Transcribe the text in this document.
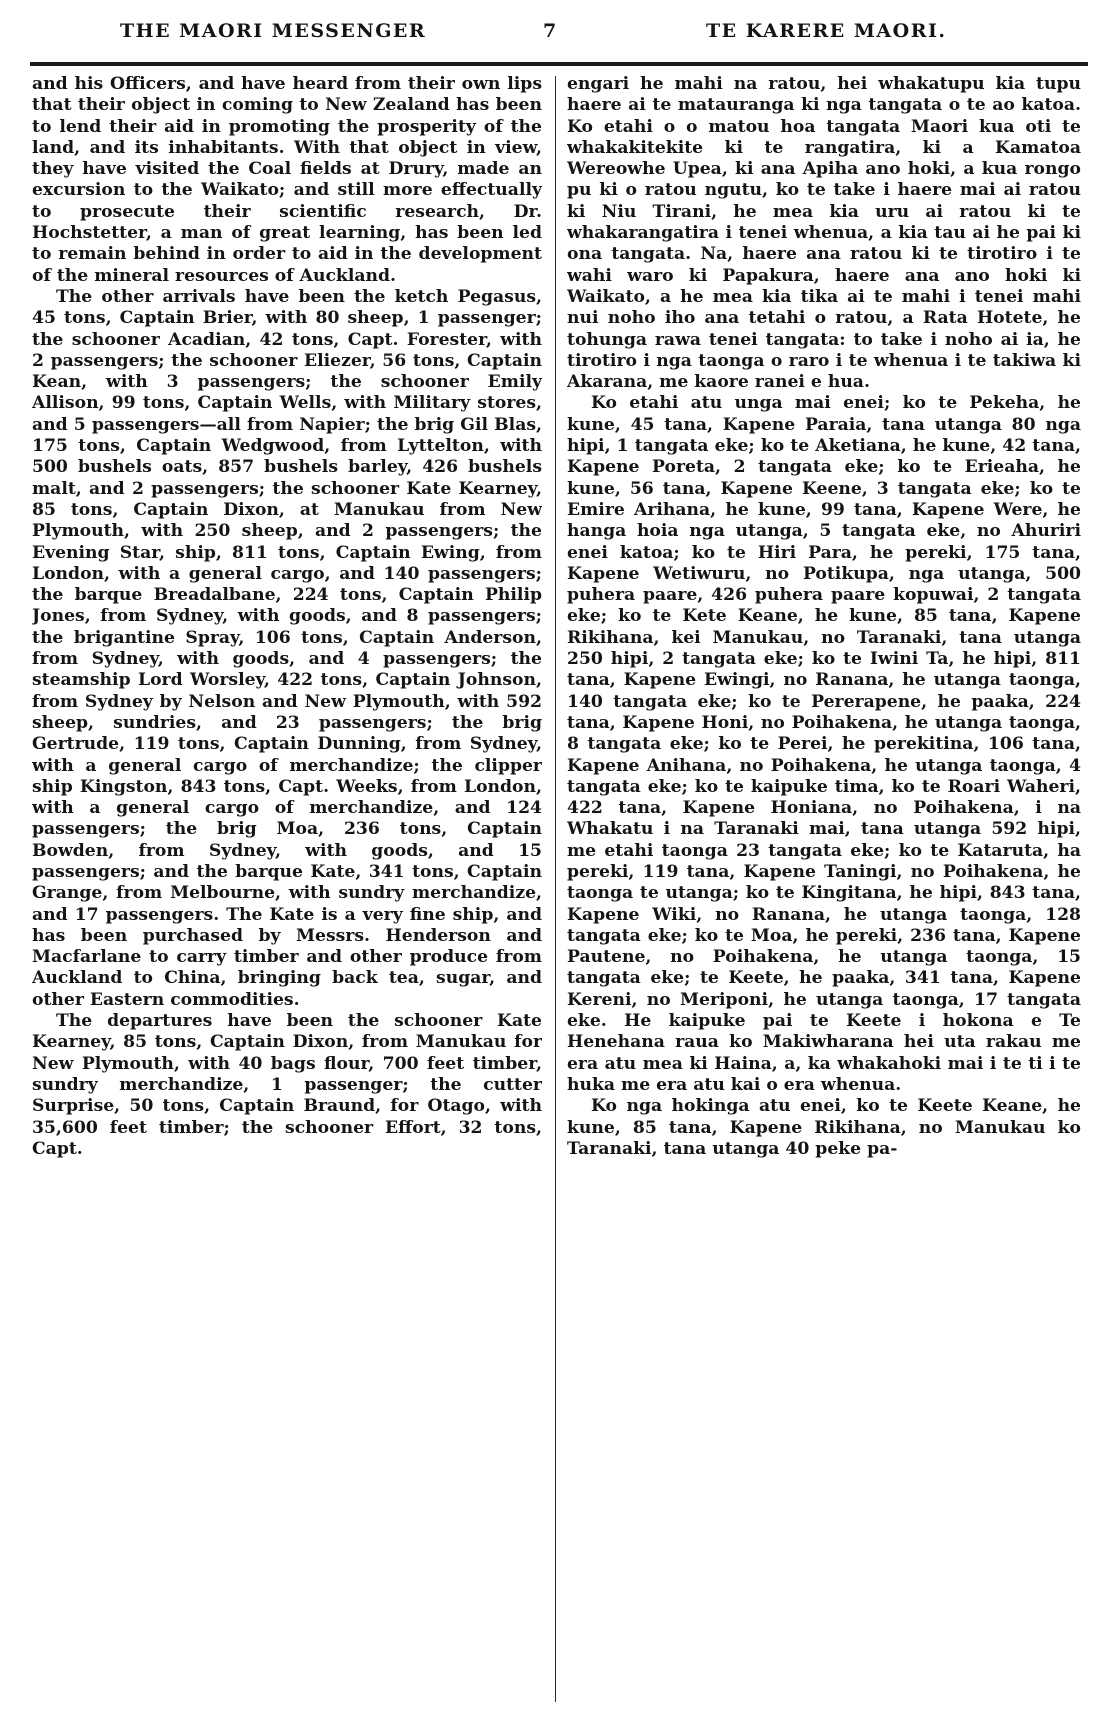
THE MAORI MESSENGER	7	TE KARERE MAORI.

and his Officers, and have heard from their own lips that their object in coming to New Zealand has been to lend their aid in promoting the prosperity of the land, and its inhabitants. With that object in view, they have visited the Coal fields at Drury, made an excursion to the Waikato; and still more effectually to prosecute their scientific research, Dr. Hochstetter, a man of great learning, has been led to remain behind in order to aid in the development of the mineral resources of Auckland.

The other arrivals have been the ketch Pegasus, 45 tons, Captain Brier, with 80 sheep, 1 passenger; the schooner Acadian, 42 tons, Capt. Forester, with 2 passengers; the schooner Eliezer, 56 tons, Captain Kean, with 3 passengers; the schooner Emily Allison, 99 tons, Captain Wells, with Military stores, and 5 passengers—all from Napier; the brig Gil Blas, 175 tons, Captain Wedgwood, from Lyttelton, with 500 bushels oats, 857 bushels barley, 426 bushels malt, and 2 passengers; the schooner Kate Kearney, 85 tons, Captain Dixon, at Manukau from New Plymouth, with 250 sheep, and 2 passengers; the Evening Star, ship, 811 tons, Captain Ewing, from London, with a general cargo, and 140 passengers; the barque Breadalbane, 224 tons, Captain Philip Jones, from Sydney, with goods, and 8 passengers; the brigantine Spray, 106 tons, Captain Anderson, from Sydney, with goods, and 4 passengers; the steamship Lord Worsley, 422 tons, Captain Johnson, from Sydney by Nelson and New Plymouth, with 592 sheep, sundries, and 23 passengers; the brig Gertrude, 119 tons, Captain Dunning, from Sydney, with a general cargo of merchandize; the clipper ship Kingston, 843 tons, Capt. Weeks, from London, with a general cargo of merchandize, and 124 passengers; the brig Moa, 236 tons, Captain Bowden, from Sydney, with goods, and 15 passengers; and the barque Kate, 341 tons, Captain Grange, from Melbourne, with sundry merchandize, and 17 passengers. The Kate is a very fine ship, and has been purchased by Messrs. Henderson and Macfarlane to carry timber and other produce from Auckland to China, bringing back tea, sugar, and other Eastern commodities.

The departures have been the schooner Kate Kearney, 85 tons, Captain Dixon, from Manukau for New Plymouth, with 40 bags flour, 700 feet timber, sundry merchandize, 1 passenger; the cutter Surprise, 50 tons, Captain Braund, for Otago, with 35,600 feet timber; the schooner Effort, 32 tons, Capt.

engari he mahi na ratou, hei whakatupu kia tupu haere ai te matauranga ki nga tangata o te ao katoa. Ko etahi o o matou hoa tangata Maori kua oti te whakakitekite ki te rangatira, ki a Kamatoa Wereowhe Upea, ki ana Apiha ano hoki, a kua rongo pu ki o ratou ngutu, ko te take i haere mai ai ratou ki Niu Tirani, he mea kia uru ai ratou ki te whakarangatira i tenei whenua, a kia tau ai he pai ki ona tangata. Na, haere ana ratou ki te tirotiro i te wahi waro ki Papakura, haere ana ano hoki ki Waikato, a he mea kia tika ai te mahi i tenei mahi nui noho iho ana tetahi o ratou, a Rata Hotete, he tohunga rawa tenei tangata: to take i noho ai ia, he tirotiro i nga taonga o raro i te whenua i te takiwa ki Akarana, me kaore ranei e hua.

Ko etahi atu unga mai enei; ko te Pekeha, he kune, 45 tana, Kapene Paraia, tana utanga 80 nga hipi, 1 tangata eke; ko te Aketiana, he kune, 42 tana, Kapene Poreta, 2 tangata eke; ko te Erieaha, he kune, 56 tana, Kapene Keene, 3 tangata eke; ko te Emire Arihana, he kune, 99 tana, Kapene Were, he hanga hoia nga utanga, 5 tangata eke, no Ahuriri enei katoa; ko te Hiri Para, he pereki, 175 tana, Kapene Wetiwuru, no Potikupa, nga utanga, 500 puhera paare, 426 puhera paare kopuwai, 2 tangata eke; ko te Kete Keane, he kune, 85 tana, Kapene Rikihana, kei Manukau, no Taranaki, tana utanga 250 hipi, 2 tangata eke; ko te Iwini Ta, he hipi, 811 tana, Kapene Ewingi, no Ranana, he utanga taonga, 140 tangata eke; ko te Pererapene, he paaka, 224 tana, Kapene Honi, no Poihakena, he utanga taonga, 8 tangata eke; ko te Perei, he perekitina, 106 tana, Kapene Anihana, no Poihakena, he utanga taonga, 4 tangata eke; ko te kaipuke tima, ko te Roari Waheri, 422 tana, Kapene Honiana, no Poihakena, i na Whakatu i na Taranaki mai, tana utanga 592 hipi, me etahi taonga 23 tangata eke; ko te Kataruta, ha pereki, 119 tana, Kapene Taningi, no Poihakena, he taonga te utanga; ko te Kingitana, he hipi, 843 tana, Kapene Wiki, no Ranana, he utanga taonga, 128 tangata eke; ko te Moa, he pereki, 236 tana, Kapene Pautene, no Poihakena, he utanga taonga, 15 tangata eke; te Keete, he paaka, 341 tana, Kapene Kereni, no Meriponi, he utanga taonga, 17 tangata eke. He kaipuke pai te Keete i hokona e Te Henehana raua ko Makiwharana hei uta rakau me era atu mea ki Haina, a, ka whakahoki mai i te ti i te huka me era atu kai o era whenua.

Ko nga hokinga atu enei, ko te Keete Keane, he kune, 85 tana, Kapene Rikihana, no Manukau ko Taranaki, tana utanga 40 peke pa-
